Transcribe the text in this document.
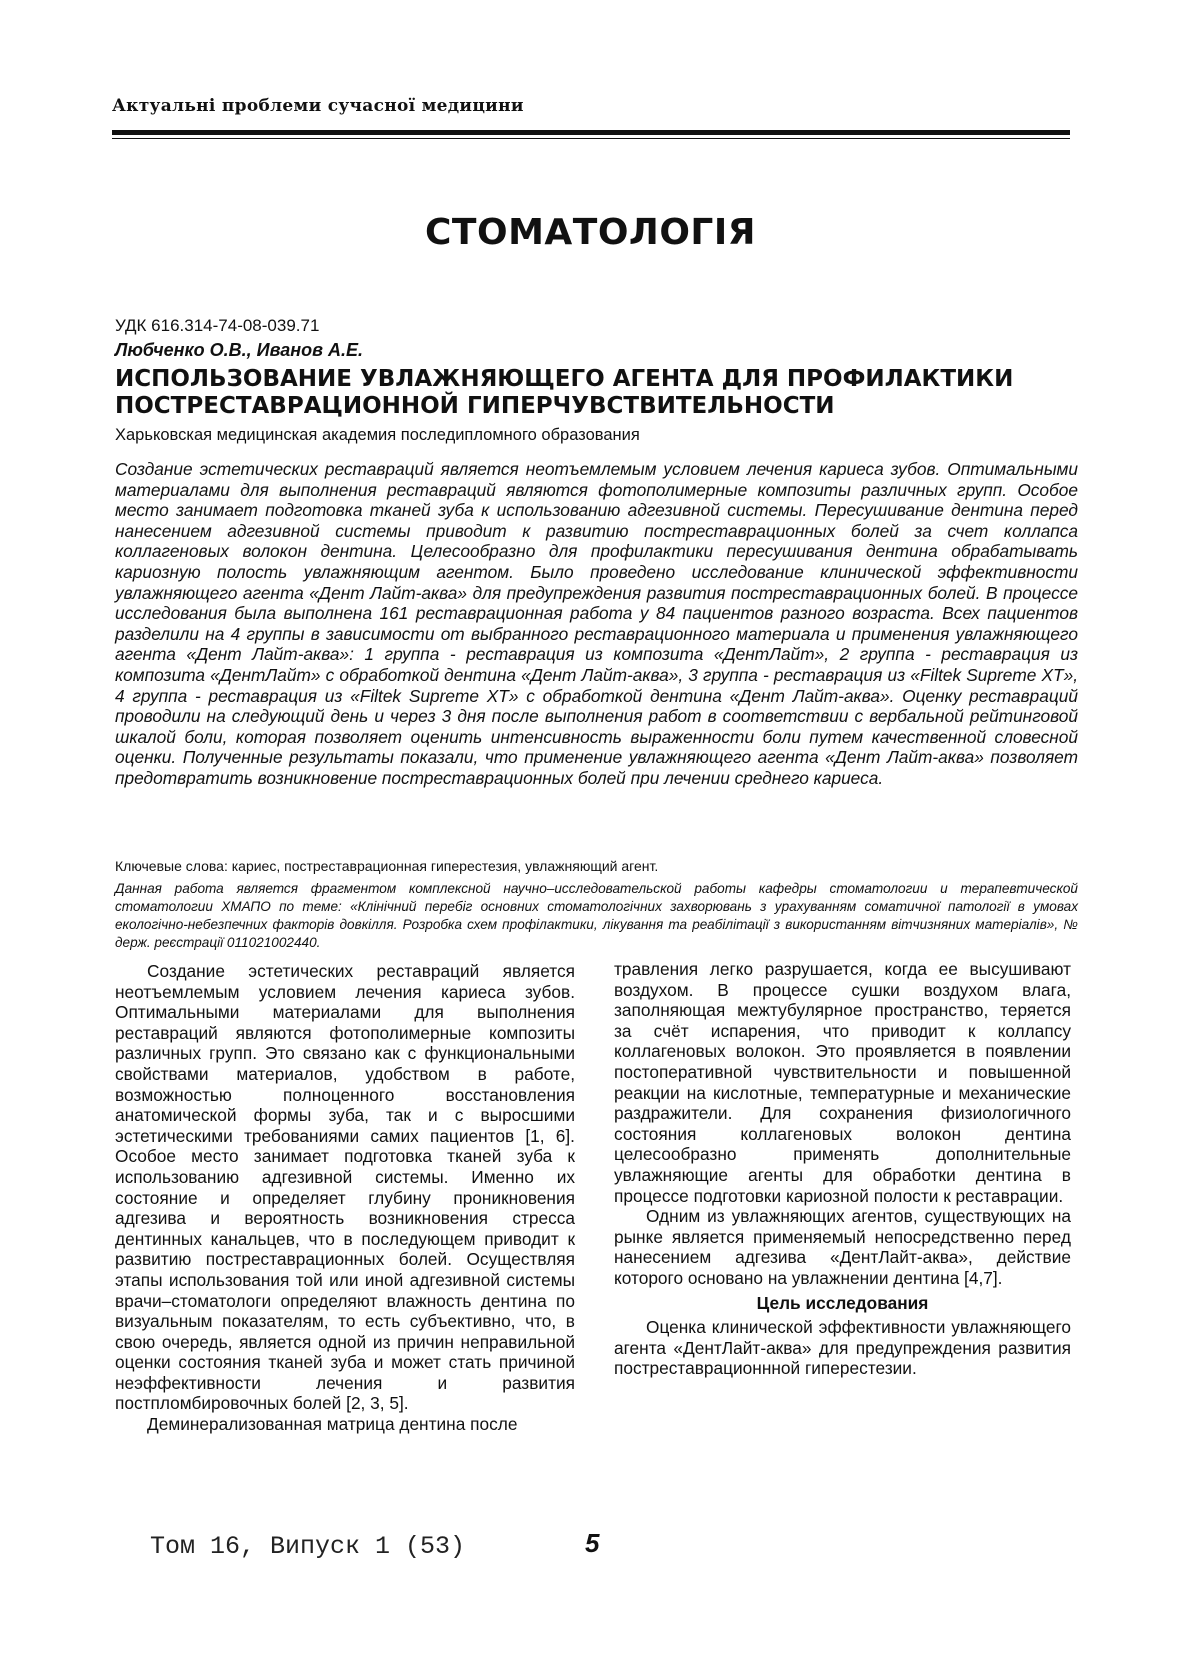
Актуальні проблеми сучасної медицини
СТОМАТОЛОГІЯ
УДК 616.314-74-08-039.71
Любченко О.В., Иванов А.Е.
ИСПОЛЬЗОВАНИЕ УВЛАЖНЯЮЩЕГО АГЕНТА ДЛЯ ПРОФИЛАКТИКИ
ПОСТРЕСТАВРАЦИОННОЙ ГИПЕРЧУВСТВИТЕЛЬНОСТИ
Харьковская медицинская академия последипломного образования

Создание эстетических реставраций является неотъемлемым условием лечения кариеса зубов. Оптимальными материалами для выполнения реставраций являются фотополимерные композиты различных групп. Особое место занимает подготовка тканей зуба к использованию адгезивной системы. Пересушивание дентина перед нанесением адгезивной системы приводит к развитию постреставрационных болей за счет коллапса коллагеновых волокон дентина. Целесообразно для профилактики пересушивания дентина обрабатывать кариозную полость увлажняющим агентом. Было проведено исследование клинической эффективности увлажняющего агента «Дент Лайт-аква» для предупреждения развития постреставрационных болей. В процессе исследования была выполнена 161 реставрационная работа у 84 пациентов разного возраста. Всех пациентов разделили на 4 группы в зависимости от выбранного реставрационного материала и применения увлажняющего агента «Дент Лайт-аква»: 1 группа - реставрация из композита «ДентЛайт», 2 группа - реставрация из композита «ДентЛайт» с обработкой дентина «Дент Лайт-аква», 3 группа - реставрация из «Filtek Supreme XT», 4 группа - реставрация из «Filtek Supreme XT» с обработкой дентина «Дент Лайт-аква». Оценку реставраций проводили на следующий день и через 3 дня после выполнения работ в соответствии с вербальной рейтинговой шкалой боли, которая позволяет оценить интенсивность выраженности боли путем качественной словесной оценки. Полученные результаты показали, что применение увлажняющего агента «Дент Лайт-аква» позволяет предотвратить возникновение постреставрационных болей при лечении среднего кариеса.

Ключевые слова: кариес, постреставрационная гиперестезия, увлажняющий агент.

Данная работа является фрагментом комплексной научно–исследовательской работы кафедры стоматологии и терапевтической стоматологии ХМАПО по теме: «Клінічний перебіг основних стоматологічних захворювань з урахуванням соматичної патології в умовах екологічно-небезпечних факторів довкілля. Розробка схем профілактики, лікування та реабілітації з використанням вітчизняних матеріалів», № держ. реєстрації 011021002440.

Создание эстетических реставраций является неотъемлемым условием лечения кариеса зубов. Оптимальными материалами для выполнения реставраций являются фотополимерные композиты различных групп. Это связано как с функциональными свойствами материалов, удобством в работе, возможностью полноценного восстановления анатомической формы зуба, так и с выросшими эстетическими требованиями самих пациентов [1, 6]. Особое место занимает подготовка тканей зуба к использованию адгезивной системы. Именно их состояние и определяет глубину проникновения адгезива и вероятность возникновения стресса дентинных канальцев, что в последующем приводит к развитию постреставрационных болей. Осуществляя этапы использования той или иной адгезивной системы врачи–стоматологи определяют влажность дентина по визуальным показателям, то есть субъективно, что, в свою очередь, является одной из причин неправильной оценки состояния тканей зуба и может стать причиной неэффективности лечения и развития постпломбировочных болей [2, 3, 5].

Деминерализованная матрица дентина после

травления легко разрушается, когда ее высушивают воздухом. В процессе сушки воздухом влага, заполняющая межтубулярное пространство, теряется за счёт испарения, что приводит к коллапсу коллагеновых волокон. Это проявляется в появлении постоперативной чувствительности и повышенной реакции на кислотные, температурные и механические раздражители. Для сохранения физиологичного состояния коллагеновых волокон дентина целесообразно применять дополнительные увлажняющие агенты для обработки дентина в процессе подготовки кариозной полости к реставрации.

Одним из увлажняющих агентов, существующих на рынке является применяемый непосредственно перед нанесением адгезива «ДентЛайт-аква», действие которого основано на увлажнении дентина [4,7].

Цель исследования

Оценка клинической эффективности увлажняющего агента «ДентЛайт-аква» для предупреждения развития постреставрационнной гиперестезии.

Том 16, Випуск 1 (53)	5
